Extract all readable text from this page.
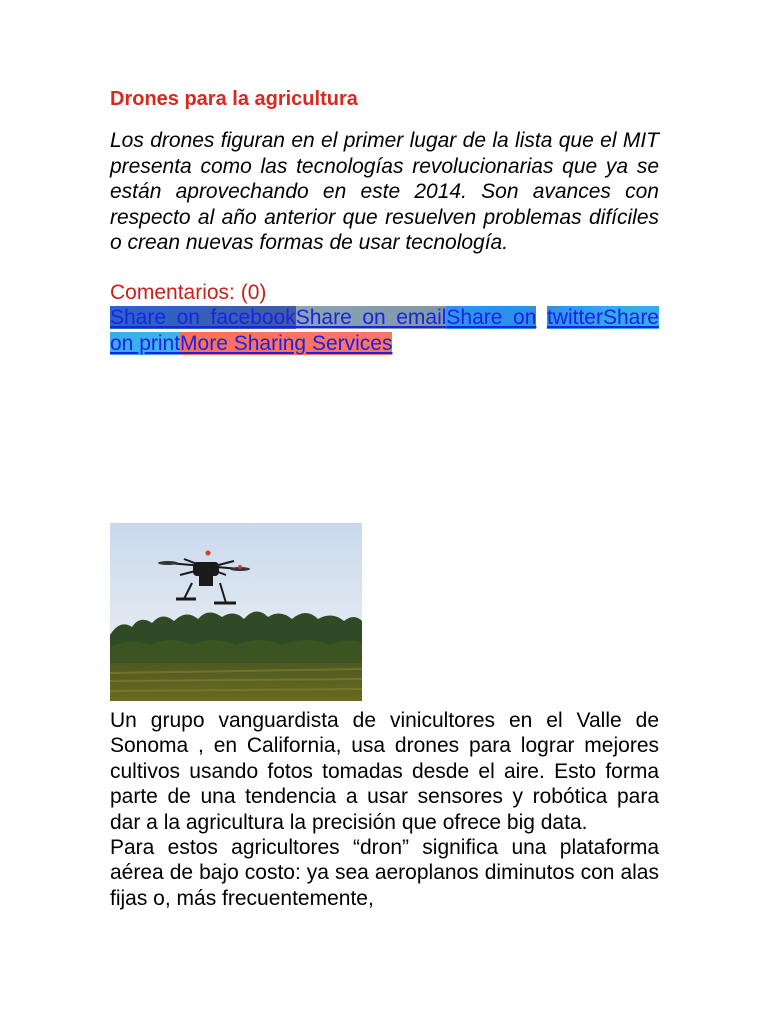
Drones para la agricultura

Los drones figuran en el primer lugar de la lista que el MIT presenta como las tecnologías revolucionarias que ya se están aprovechando en este 2014. Son avances con respecto al año anterior que resuelven problemas difíciles o crean nuevas formas de usar tecnología.

Comentarios: (0)
Share on facebookShare on emailShare on twitterShare on printMore Sharing Services

Un grupo vanguardista de vinicultores en el Valle de Sonoma , en California, usa drones para lograr mejores cultivos usando fotos tomadas desde el aire. Esto forma parte de una tendencia a usar sensores y robótica para dar a la agricultura la precisión que ofrece big data.

Para estos agricultores “dron” significa una plataforma aérea de bajo costo: ya sea aeroplanos diminutos con alas fijas o, más frecuentemente,
